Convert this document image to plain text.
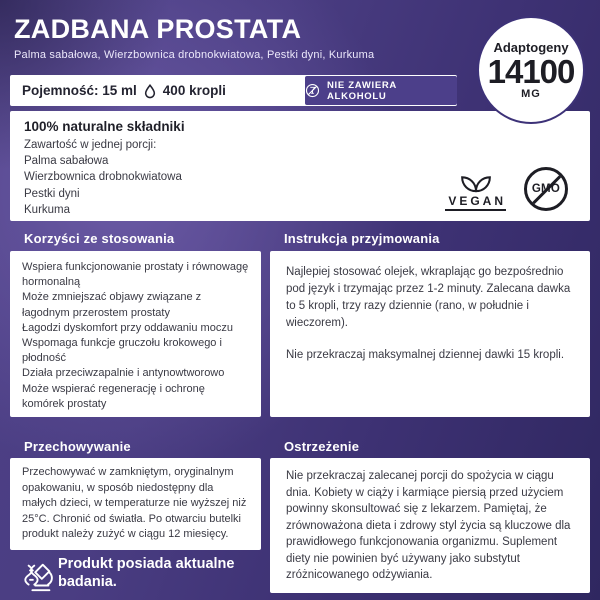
ZADBANA PROSTATA
Palma sabałowa, Wierzbownica drobnokwiatowa, Pestki dyni, Kurkuma
Pojemność: 15 ml 400 kropli	NIE ZAWIERA ALKOHOLU
Adaptogeny
14100
MG
100% naturalne składniki
Zawartość w jednej porcji:
Palma sabałowa
Wierzbownica drobnokwiatowa
Pestki dyni
Kurkuma
VEGAN
GMO
Korzyści ze stosowania	Instrukcja przyjmowania
Wspiera funkcjonowanie prostaty i równowagę hormonalną
Może zmniejszać objawy związane z łagodnym przerostem prostaty
Łagodzi dyskomfort przy oddawaniu moczu
Wspomaga funkcje gruczołu krokowego i płodność
Działa przeciwzapalnie i antynowtworowo
Może wspierać regenerację i ochronę komórek prostaty

Najlepiej stosować olejek, wkraplając go bezpośrednio pod język i trzymając przez 1-2 minuty. Zalecana dawka to 5 kropli, trzy razy dziennie (rano, w południe i wieczorem).

Nie przekraczaj maksymalnej dziennej dawki 15 kropli.

Przechowywanie	Ostrzeżenie
Przechowywać w zamkniętym, oryginalnym opakowaniu, w sposób niedostępny dla małych dzieci, w temperaturze nie wyższej niż 25°C. Chronić od światła. Po otwarciu butelki produkt należy zużyć w ciągu 12 miesięcy.
Nie przekraczaj zalecanej porcji do spożycia w ciągu dnia. Kobiety w ciąży i karmiące piersią przed użyciem powinny skonsultować się z lekarzem. Pamiętaj, że zrównoważona dieta i zdrowy styl życia są kluczowe dla prawidłowego funkcjonowania organizmu. Suplement diety nie powinien być używany jako substytut zróżnicowanego odżywiania.
Produkt posiada aktualne badania.
